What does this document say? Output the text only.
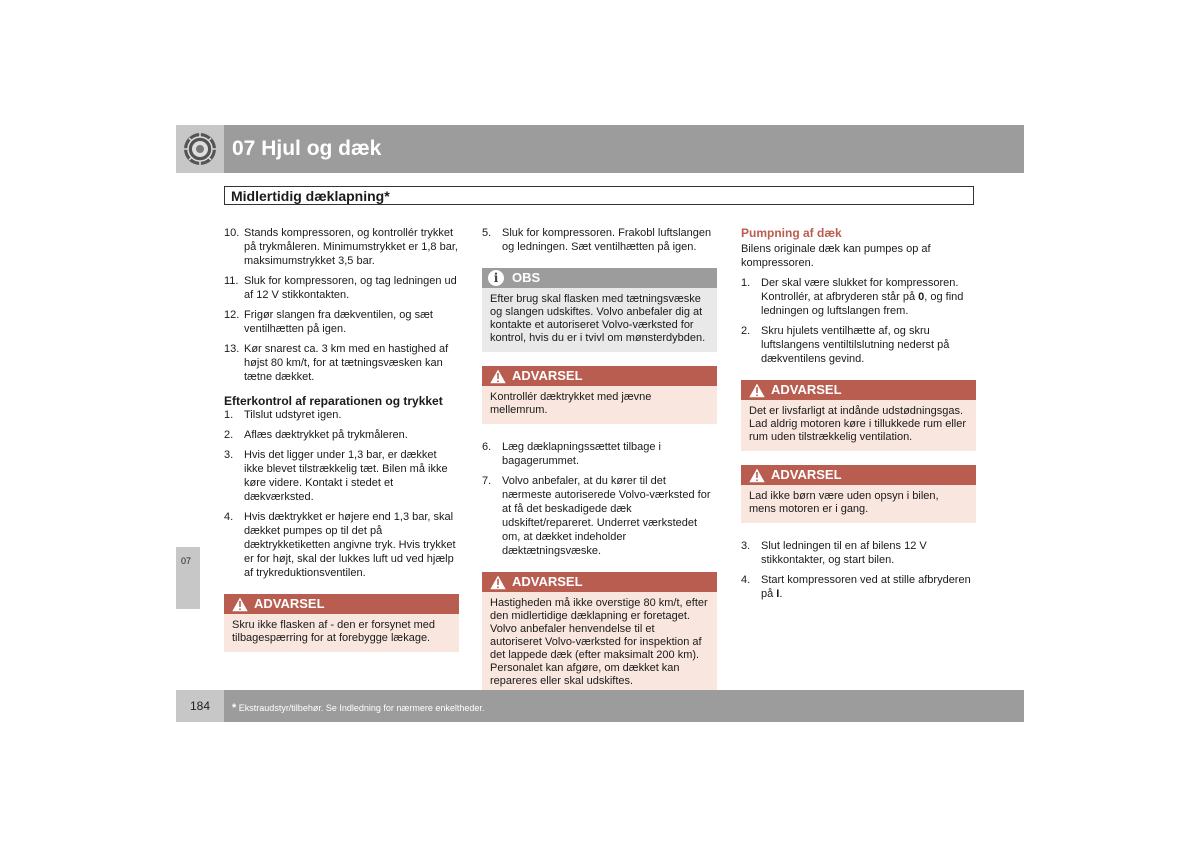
07 Hjul og dæk
Midlertidig dæklapning*
07
10. Stands kompressoren, og kontrollér trykket på trykmåleren. Minimumstrykket er 1,8 bar, maksimumstrykket 3,5 bar.
11. Sluk for kompressoren, og tag ledningen ud af 12 V stikkontakten.
12. Frigør slangen fra dækventilen, og sæt ventilhætten på igen.
13. Kør snarest ca. 3 km med en hastighed af højst 80 km/t, for at tætningsvæsken kan tætne dækket.
Efterkontrol af reparationen og trykket
1. Tilslut udstyret igen.
2. Aflæs dæktrykket på trykmåleren.
3. Hvis det ligger under 1,3 bar, er dækket ikke blevet tilstrækkelig tæt. Bilen må ikke køre videre. Kontakt i stedet et dækværksted.
4. Hvis dæktrykket er højere end 1,3 bar, skal dækket pumpes op til det på dæktrykketiketten angivne tryk. Hvis trykket er for højt, skal der lukkes luft ud ved hjælp af trykreduktionsventilen.
ADVARSEL
Skru ikke flasken af - den er forsynet med tilbagespærring for at forebygge lækage.
5. Sluk for kompressoren. Frakobl luftslangen og ledningen. Sæt ventilhætten på igen.
i	OBS
Efter brug skal flasken med tætningsvæske og slangen udskiftes. Volvo anbefaler dig at kontakte et autoriseret Volvo-værksted for kontrol, hvis du er i tvivl om mønsterdybden.
ADVARSEL
Kontrollér dæktrykket med jævne mellemrum.
6. Læg dæklapningssættet tilbage i bagagerummet.
7. Volvo anbefaler, at du kører til det nærmeste autoriserede Volvo-værksted for at få det beskadigede dæk udskiftet/repareret. Underret værkstedet om, at dækket indeholder dæktætningsvæske.
ADVARSEL
Hastigheden må ikke overstige 80 km/t, efter den midlertidige dæklapning er foretaget. Volvo anbefaler henvendelse til et autoriseret Volvo-værksted for inspektion af det lappede dæk (efter maksimalt 200 km). Personalet kan afgøre, om dækket kan repareres eller skal udskiftes.
Pumpning af dæk
Bilens originale dæk kan pumpes op af kompressoren.
1. Der skal være slukket for kompressoren. Kontrollér, at afbryderen står på 0, og find ledningen og luftslangen frem.
2. Skru hjulets ventilhætte af, og skru luftslangens ventiltilslutning nederst på dækventilens gevind.
ADVARSEL
Det er livsfarligt at indånde udstødningsgas. Lad aldrig motoren køre i tillukkede rum eller rum uden tilstrækkelig ventilation.
ADVARSEL
Lad ikke børn være uden opsyn i bilen, mens motoren er i gang.
3. Slut ledningen til en af bilens 12 V stikkontakter, og start bilen.
4. Start kompressoren ved at stille afbryderen på I.
184	* Ekstraudstyr/tilbehør. Se Indledning for nærmere enkeltheder.
